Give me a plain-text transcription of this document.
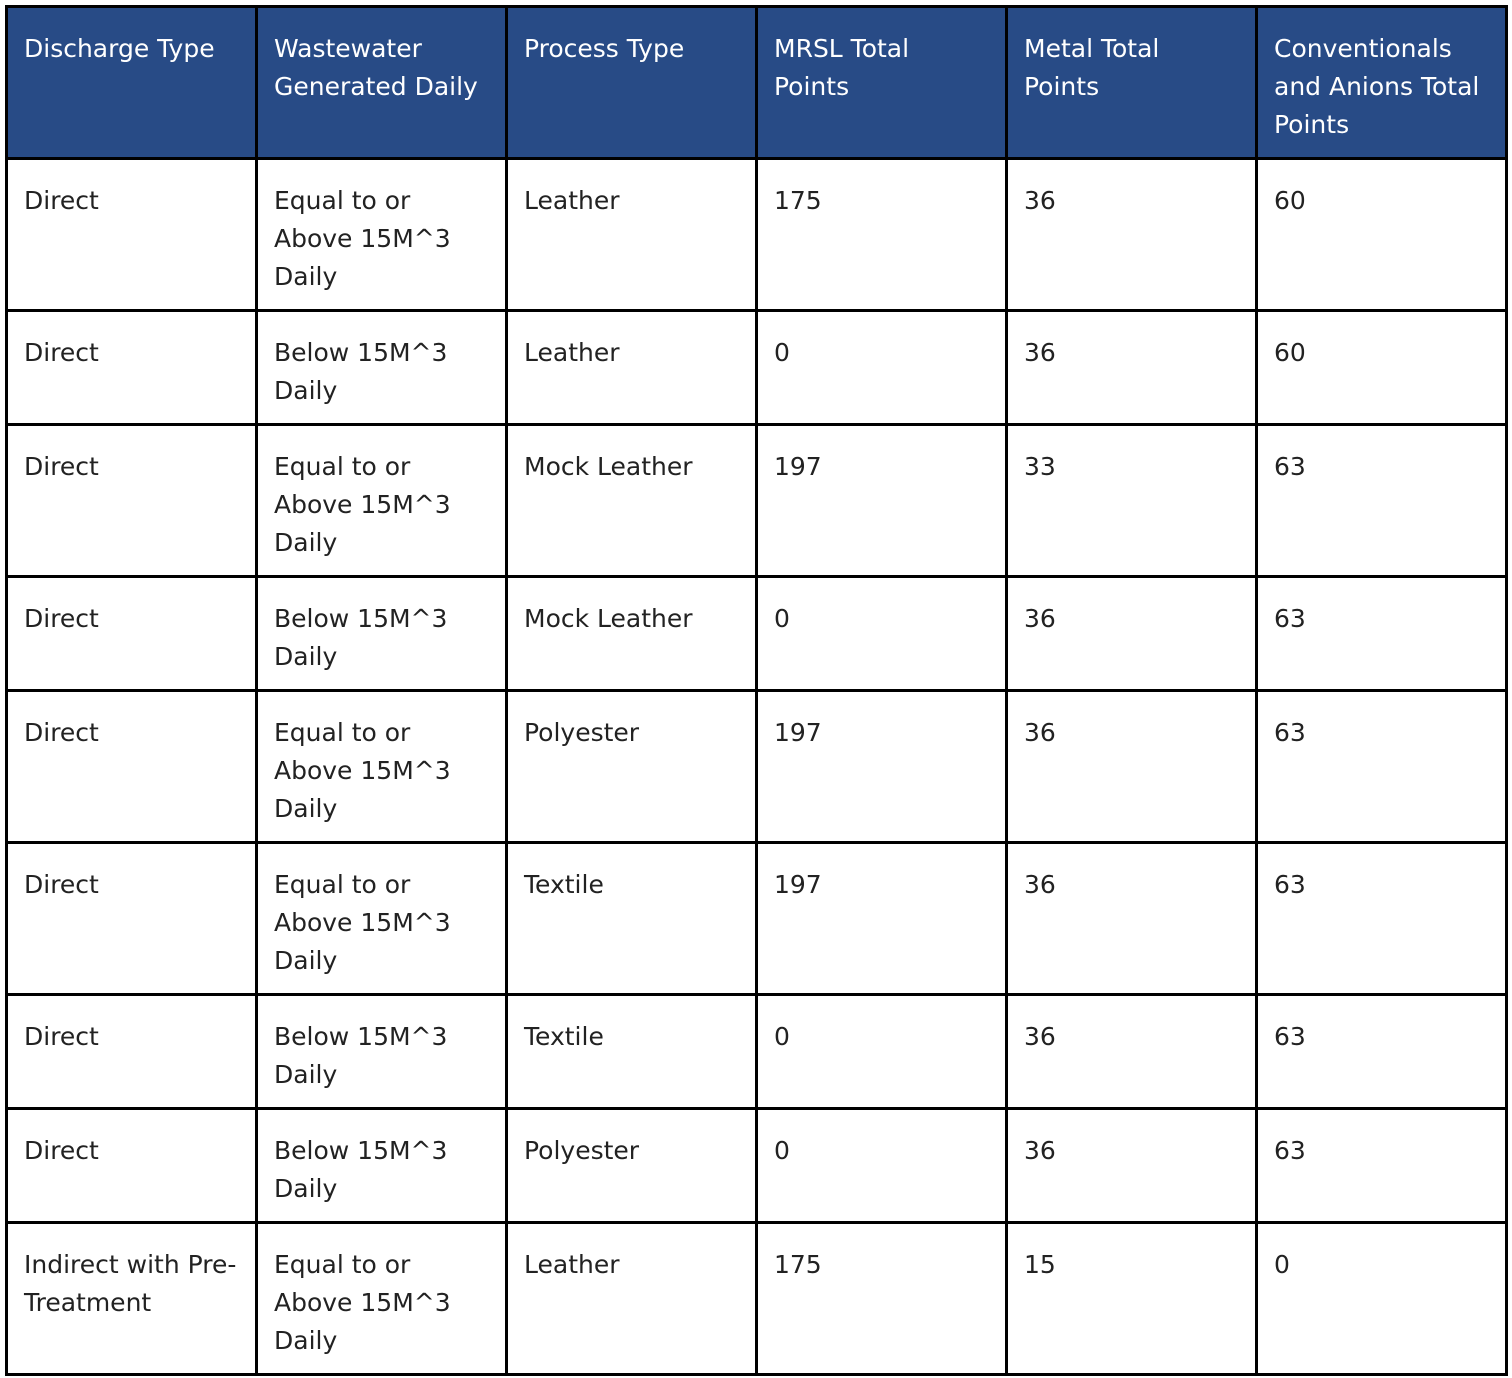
Discharge Type	Wastewater Generated Daily	Process Type	MRSL Total Points	Metal Total Points	Conventionals and Anions Total Points
Direct	Equal to or Above 15M^3 Daily	Leather	175	36	60
Direct	Below 15M^3 Daily	Leather	0	36	60
Direct	Equal to or Above 15M^3 Daily	Mock Leather	197	33	63
Direct	Below 15M^3 Daily	Mock Leather	0	36	63
Direct	Equal to or Above 15M^3 Daily	Polyester	197	36	63
Direct	Equal to or Above 15M^3 Daily	Textile	197	36	63
Direct	Below 15M^3 Daily	Textile	0	36	63
Direct	Below 15M^3 Daily	Polyester	0	36	63
Indirect with Pre-Treatment	Equal to or Above 15M^3 Daily	Leather	175	15	0
